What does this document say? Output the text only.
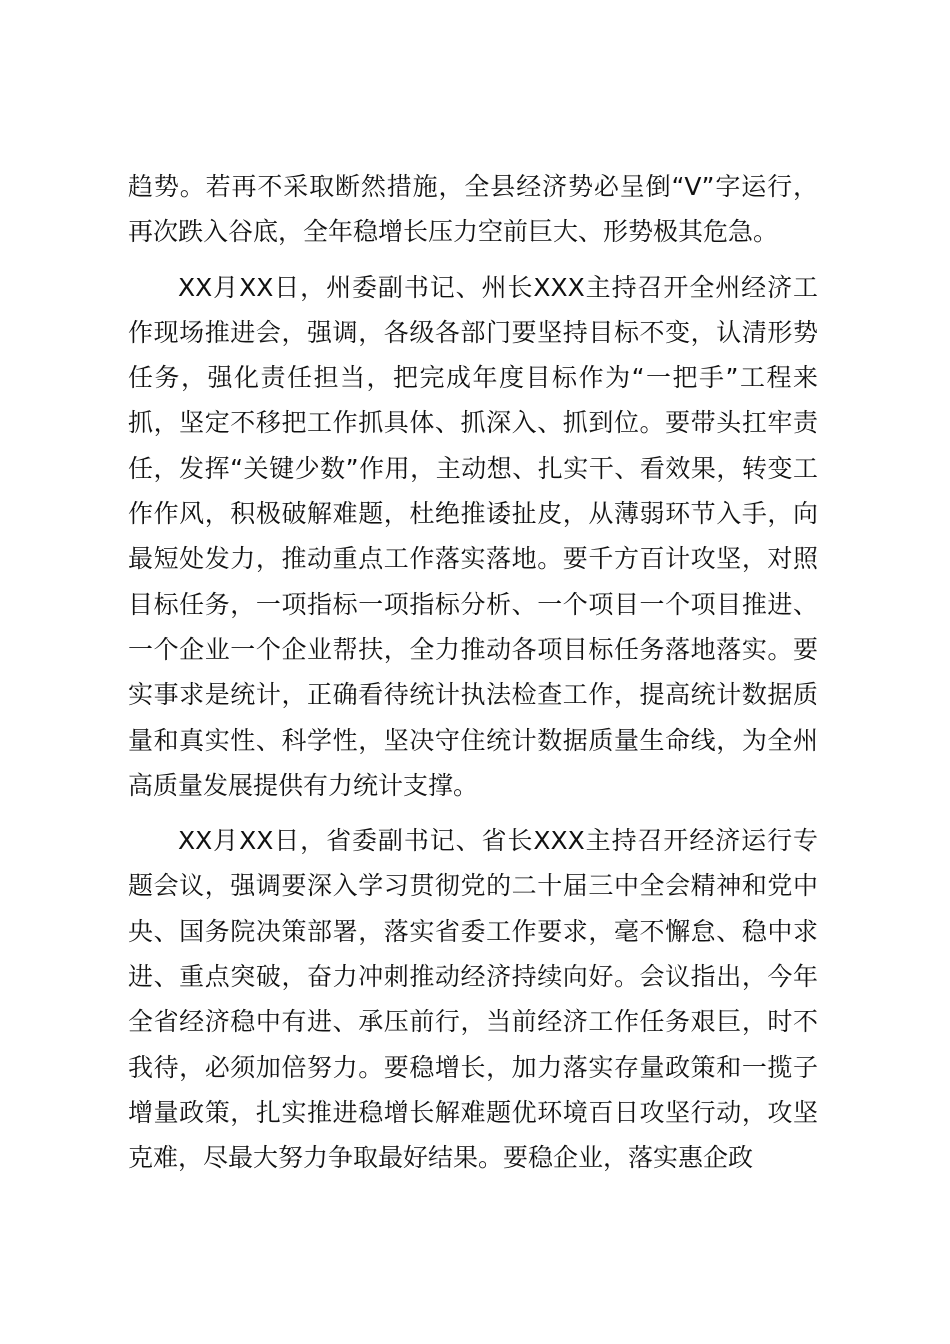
趋势。若再不采取断然措施，全县经济势必呈倒“V”字运行，再次跌入谷底，全年稳增长压力空前巨大、形势极其危急。

XX月XX日，州委副书记、州长XXX主持召开全州经济工作现场推进会，强调，各级各部门要坚持目标不变，认清形势任务，强化责任担当，把完成年度目标作为“一把手”工程来抓，坚定不移把工作抓具体、抓深入、抓到位。要带头扛牢责任，发挥“关键少数”作用，主动想、扎实干、看效果，转变工作作风，积极破解难题，杜绝推诿扯皮，从薄弱环节入手，向最短处发力，推动重点工作落实落地。要千方百计攻坚，对照目标任务，一项指标一项指标分析、一个项目一个项目推进、一个企业一个企业帮扶，全力推动各项目标任务落地落实。要实事求是统计，正确看待统计执法检查工作，提高统计数据质量和真实性、科学性，坚决守住统计数据质量生命线，为全州高质量发展提供有力统计支撑。

XX月XX日，省委副书记、省长XXX主持召开经济运行专题会议，强调要深入学习贯彻党的二十届三中全会精神和党中央、国务院决策部署，落实省委工作要求，毫不懈怠、稳中求进、重点突破，奋力冲刺推动经济持续向好。会议指出，今年全省经济稳中有进、承压前行，当前经济工作任务艰巨，时不我待，必须加倍努力。要稳增长，加力落实存量政策和一揽子增量政策，扎实推进稳增长解难题优环境百日攻坚行动，攻坚克难，尽最大努力争取最好结果。要稳企业，落实惠企政
